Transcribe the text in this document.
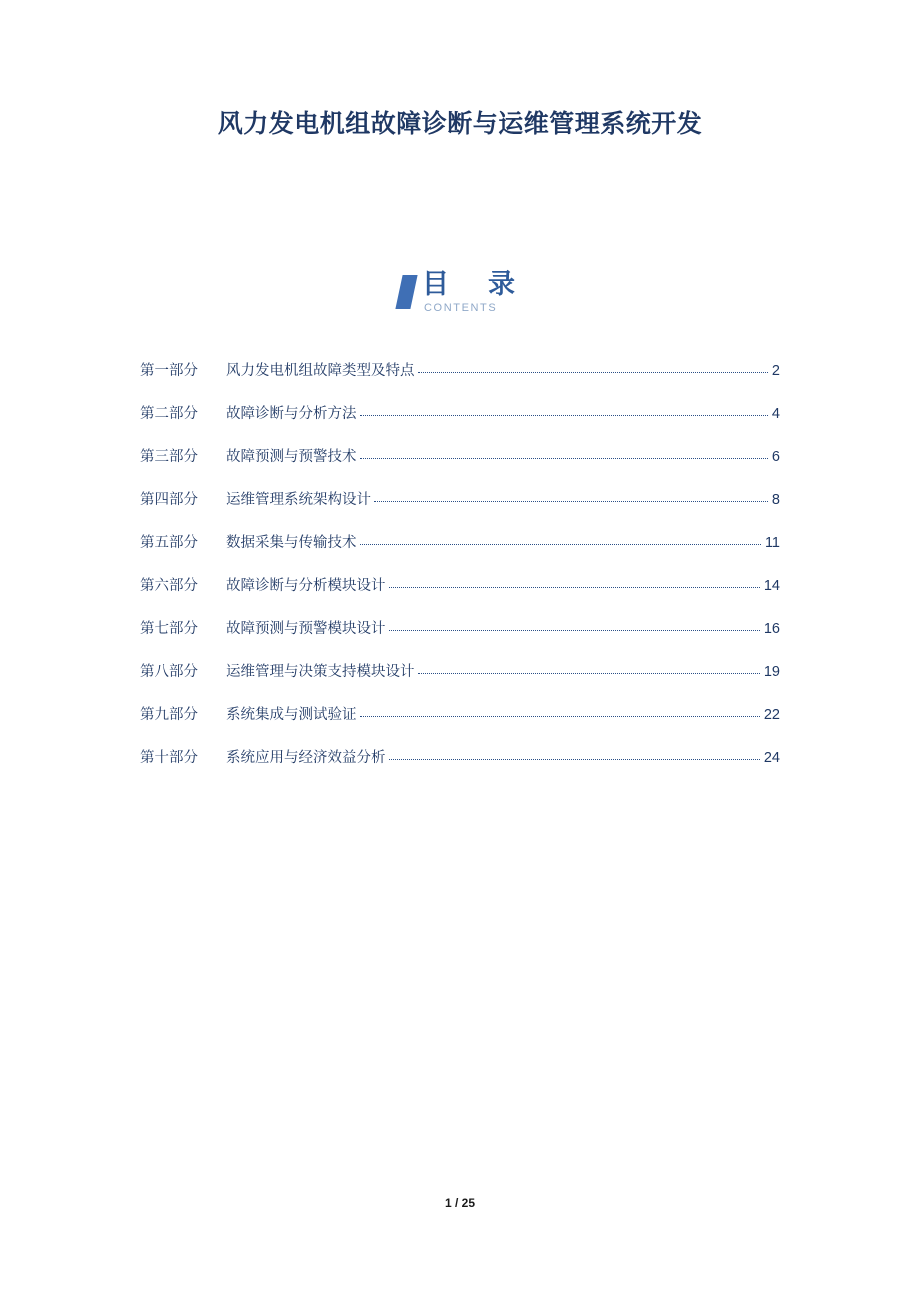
风力发电机组故障诊断与运维管理系统开发
目　录
CONTENTS
第一部分	风力发电机组故障类型及特点	2
第二部分	故障诊断与分析方法	4
第三部分	故障预测与预警技术	6
第四部分	运维管理系统架构设计	8
第五部分	数据采集与传输技术	11
第六部分	故障诊断与分析模块设计	14
第七部分	故障预测与预警模块设计	16
第八部分	运维管理与决策支持模块设计	19
第九部分	系统集成与测试验证	22
第十部分	系统应用与经济效益分析	24
1 / 25
